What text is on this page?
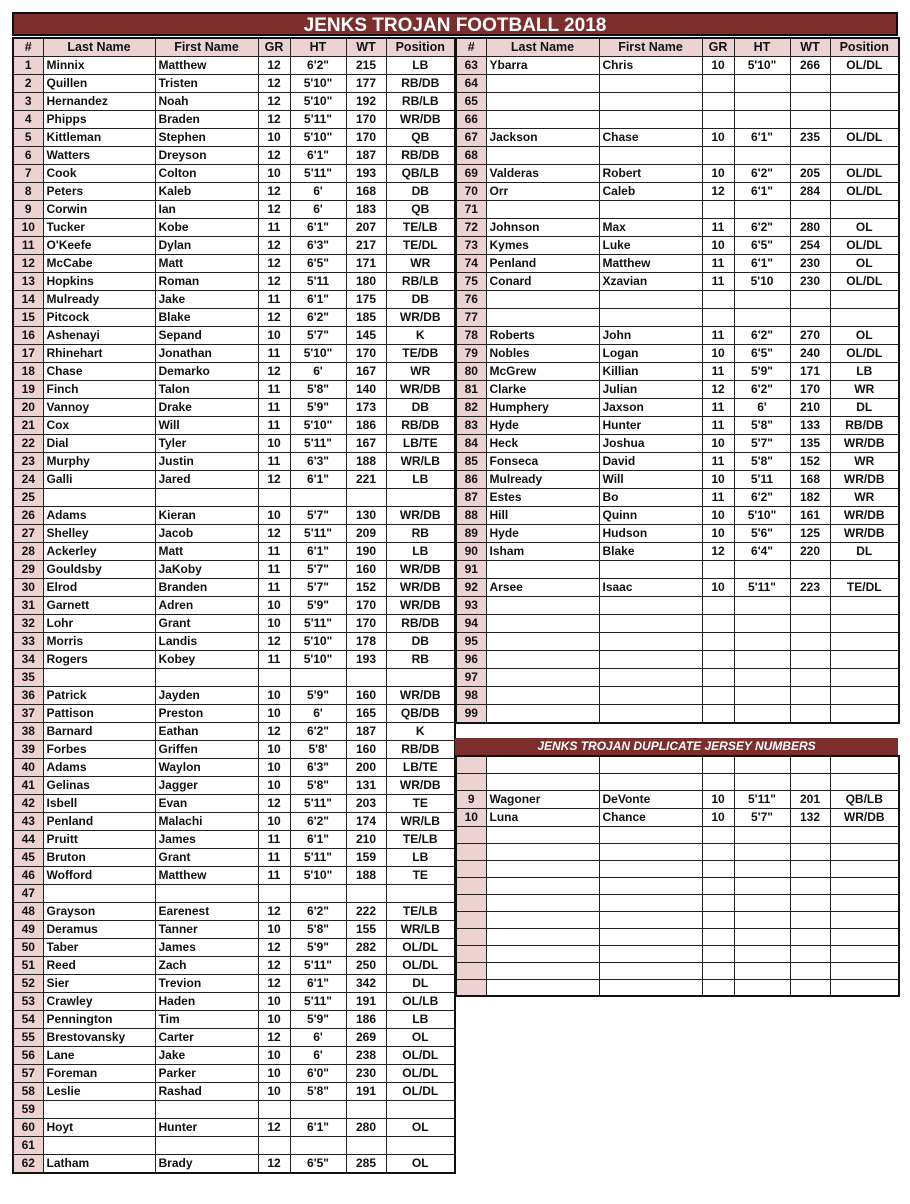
JENKS TROJAN FOOTBALL 2018
#	Last Name	First Name	GR	HT	WT	Position
1	Minnix	Matthew	12	6'2"	215	LB
2	Quillen	Tristen	12	5'10"	177	RB/DB
3	Hernandez	Noah	12	5'10"	192	RB/LB
4	Phipps	Braden	12	5'11"	170	WR/DB
5	Kittleman	Stephen	10	5'10"	170	QB
6	Watters	Dreyson	12	6'1"	187	RB/DB
7	Cook	Colton	10	5'11"	193	QB/LB
8	Peters	Kaleb	12	6'	168	DB
9	Corwin	Ian	12	6'	183	QB
10	Tucker	Kobe	11	6'1"	207	TE/LB
11	O'Keefe	Dylan	12	6'3"	217	TE/DL
12	McCabe	Matt	12	6'5"	171	WR
13	Hopkins	Roman	12	5'11	180	RB/LB
14	Mulready	Jake	11	6'1"	175	DB
15	Pitcock	Blake	12	6'2"	185	WR/DB
16	Ashenayi	Sepand	10	5'7"	145	K
17	Rhinehart	Jonathan	11	5'10"	170	TE/DB
18	Chase	Demarko	12	6'	167	WR
19	Finch	Talon	11	5'8"	140	WR/DB
20	Vannoy	Drake	11	5'9"	173	DB
21	Cox	Will	11	5'10"	186	RB/DB
22	Dial	Tyler	10	5'11"	167	LB/TE
23	Murphy	Justin	11	6'3"	188	WR/LB
24	Galli	Jared	12	6'1"	221	LB
25						
26	Adams	Kieran	10	5'7"	130	WR/DB
27	Shelley	Jacob	12	5'11"	209	RB
28	Ackerley	Matt	11	6'1"	190	LB
29	Gouldsby	JaKoby	11	5'7"	160	WR/DB
30	Elrod	Branden	11	5'7"	152	WR/DB
31	Garnett	Adren	10	5'9"	170	WR/DB
32	Lohr	Grant	10	5'11"	170	RB/DB
33	Morris	Landis	12	5'10"	178	DB
34	Rogers	Kobey	11	5'10"	193	RB
35						
36	Patrick	Jayden	10	5'9"	160	WR/DB
37	Pattison	Preston	10	6'	165	QB/DB
38	Barnard	Eathan	12	6'2"	187	K
39	Forbes	Griffen	10	5'8'	160	RB/DB
40	Adams	Waylon	10	6'3"	200	LB/TE
41	Gelinas	Jagger	10	5'8"	131	WR/DB
42	Isbell	Evan	12	5'11"	203	TE
43	Penland	Malachi	10	6'2"	174	WR/LB
44	Pruitt	James	11	6'1"	210	TE/LB
45	Bruton	Grant	11	5'11"	159	LB
46	Wofford	Matthew	11	5'10"	188	TE
47						
48	Grayson	Earenest	12	6'2"	222	TE/LB
49	Deramus	Tanner	10	5'8"	155	WR/LB
50	Taber	James	12	5'9"	282	OL/DL
51	Reed	Zach	12	5'11"	250	OL/DL
52	Sier	Trevion	12	6'1"	342	DL
53	Crawley	Haden	10	5'11"	191	OL/LB
54	Pennington	Tim	10	5'9"	186	LB
55	Brestovansky	Carter	12	6'	269	OL
56	Lane	Jake	10	6'	238	OL/DL
57	Foreman	Parker	10	6'0"	230	OL/DL
58	Leslie	Rashad	10	5'8"	191	OL/DL
59						
60	Hoyt	Hunter	12	6'1"	280	OL
61						
62	Latham	Brady	12	6'5"	285	OL
#	Last Name	First Name	GR	HT	WT	Position
63	Ybarra	Chris	10	5'10"	266	OL/DL
64						
65						
66						
67	Jackson	Chase	10	6'1"	235	OL/DL
68						
69	Valderas	Robert	10	6'2"	205	OL/DL
70	Orr	Caleb	12	6'1"	284	OL/DL
71						
72	Johnson	Max	11	6'2"	280	OL
73	Kymes	Luke	10	6'5"	254	OL/DL
74	Penland	Matthew	11	6'1"	230	OL
75	Conard	Xzavian	11	5'10	230	OL/DL
76						
77						
78	Roberts	John	11	6'2"	270	OL
79	Nobles	Logan	10	6'5"	240	OL/DL
80	McGrew	Killian	11	5'9"	171	LB
81	Clarke	Julian	12	6'2"	170	WR
82	Humphery	Jaxson	11	6'	210	DL
83	Hyde	Hunter	11	5'8"	133	RB/DB
84	Heck	Joshua	10	5'7"	135	WR/DB
85	Fonseca	David	11	5'8"	152	WR
86	Mulready	Will	10	5'11	168	WR/DB
87	Estes	Bo	11	6'2"	182	WR
88	Hill	Quinn	10	5'10"	161	WR/DB
89	Hyde	Hudson	10	5'6"	125	WR/DB
90	Isham	Blake	12	6'4"	220	DL
91						
92	Arsee	Isaac	10	5'11"	223	TE/DL
93						
94						
95						
96						
97						
98						
99						
JENKS TROJAN DUPLICATE JERSEY NUMBERS

9	Wagoner	DeVonte	10	5'11"	201	QB/LB
10	Luna	Chance	10	5'7"	132	WR/DB
